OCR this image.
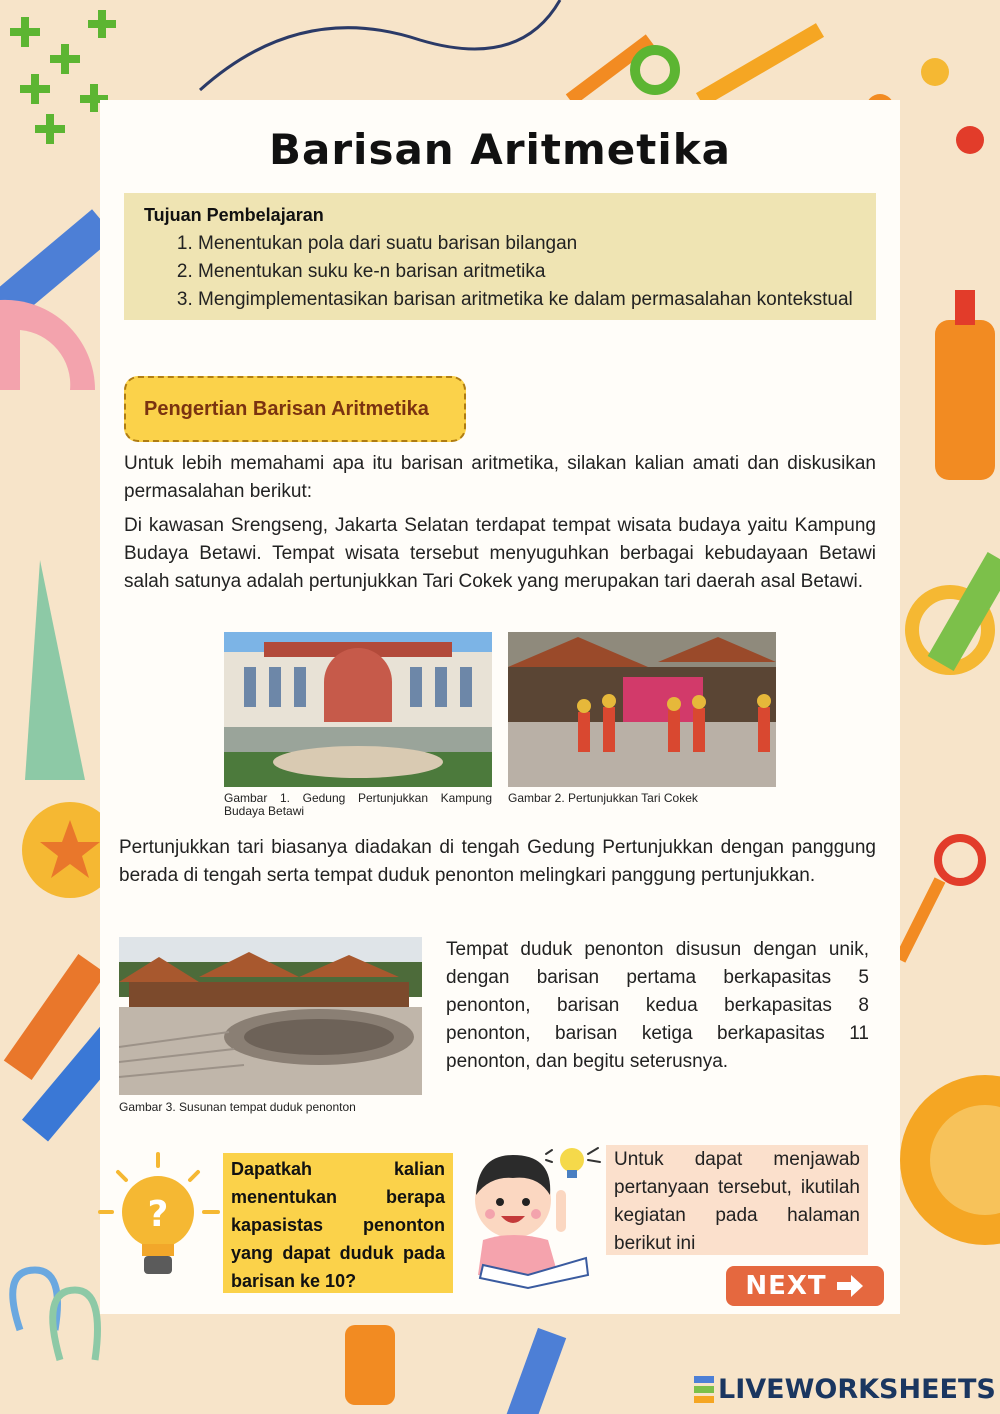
Barisan Aritmetika
Tujuan Pembelajaran
1. Menentukan pola dari suatu barisan bilangan
2. Menentukan suku ke-n barisan aritmetika
3. Mengimplementasikan barisan aritmetika ke dalam permasalahan kontekstual
Pengertian Barisan Aritmetika

Untuk lebih memahami apa itu barisan aritmetika, silakan kalian amati dan diskusikan permasalahan berikut:

Di kawasan Srengseng, Jakarta Selatan terdapat tempat wisata budaya yaitu Kampung Budaya Betawi. Tempat wisata tersebut menyuguhkan berbagai kebudayaan Betawi salah satunya adalah pertunjukkan Tari Cokek yang merupakan tari daerah asal Betawi.

Gambar 1. Gedung Pertunjukkan Kampung Budaya Betawi
Gambar 2. Pertunjukkan Tari Cokek

Pertunjukkan tari biasanya diadakan di tengah Gedung Pertunjukkan dengan panggung berada di tengah serta tempat duduk penonton melingkari panggung pertunjukkan.

Gambar 3. Susunan tempat duduk penonton

Tempat duduk penonton disusun dengan unik, dengan barisan pertama berkapasitas 5 penonton, barisan kedua berkapasitas 8 penonton, barisan ketiga berkapasitas 11 penonton, dan begitu seterusnya.

?
Dapatkah kalian menentukan berapa kapasistas penonton yang dapat duduk pada barisan ke 10?
Untuk dapat menjawab pertanyaan tersebut, ikutilah kegiatan pada halaman berikut ini
NEXT
LIVEWORKSHEETS
